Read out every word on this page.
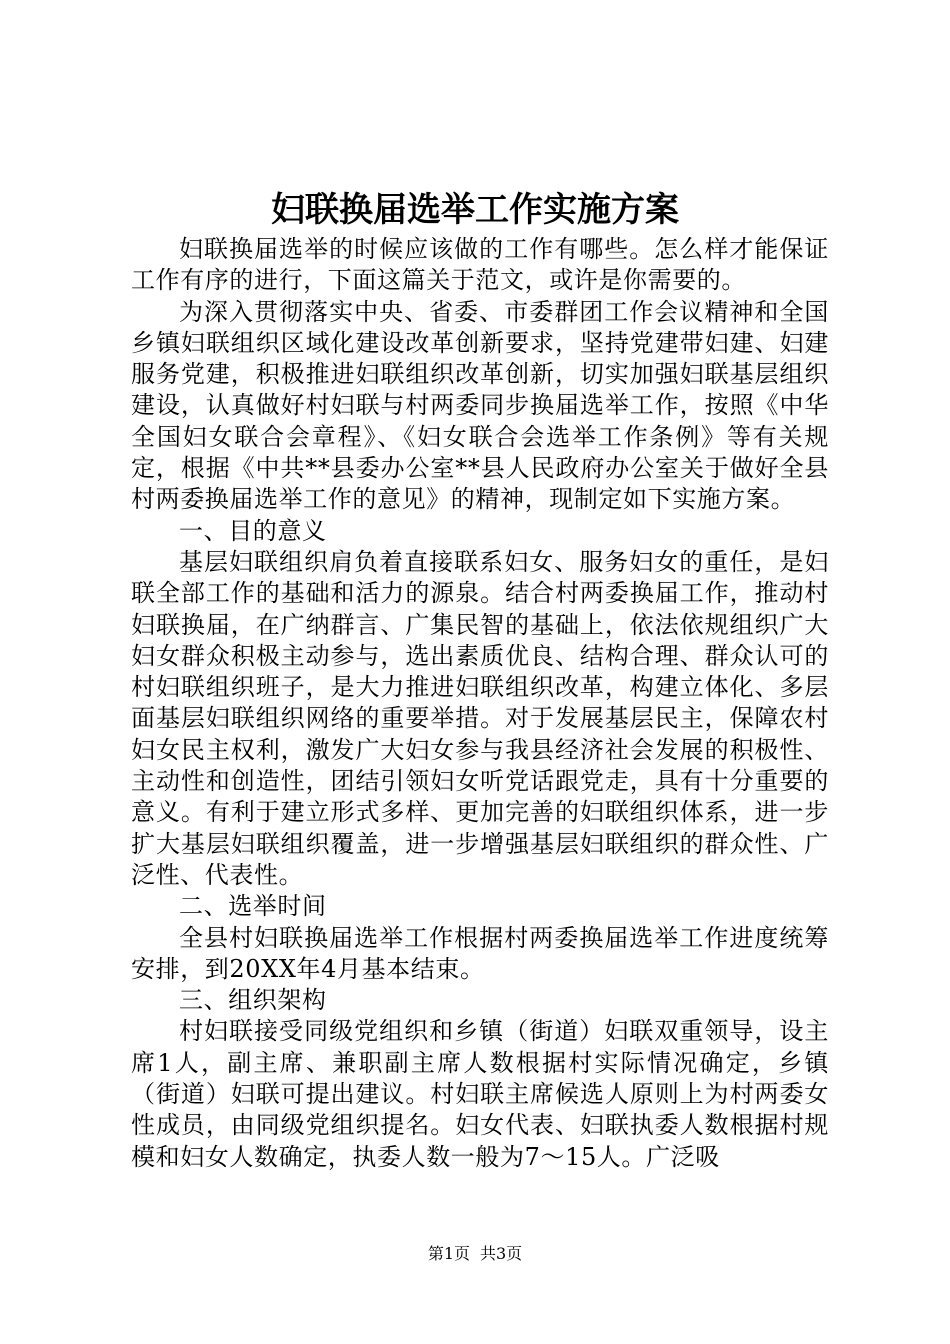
妇联换届选举工作实施方案

妇联换届选举的时候应该做的工作有哪些。怎么样才能保证工作有序的进行，下面这篇关于范文，或许是你需要的。

为深入贯彻落实中央、省委、市委群团工作会议精神和全国乡镇妇联组织区域化建设改革创新要求，坚持党建带妇建、妇建服务党建，积极推进妇联组织改革创新，切实加强妇联基层组织建设，认真做好村妇联与村两委同步换届选举工作，按照《中华全国妇女联合会章程》、《妇女联合会选举工作条例》等有关规定，根据《中共**县委办公室**县人民政府办公室关于做好全县村两委换届选举工作的意见》的精神，现制定如下实施方案。

一、目的意义

基层妇联组织肩负着直接联系妇女、服务妇女的重任，是妇联全部工作的基础和活力的源泉。结合村两委换届工作，推动村妇联换届，在广纳群言、广集民智的基础上，依法依规组织广大妇女群众积极主动参与，选出素质优良、结构合理、群众认可的村妇联组织班子，是大力推进妇联组织改革，构建立体化、多层面基层妇联组织网络的重要举措。对于发展基层民主，保障农村妇女民主权利，激发广大妇女参与我县经济社会发展的积极性、主动性和创造性，团结引领妇女听党话跟党走，具有十分重要的意义。有利于建立形式多样、更加完善的妇联组织体系，进一步扩大基层妇联组织覆盖，进一步增强基层妇联组织的群众性、广泛性、代表性。

二、选举时间

全县村妇联换届选举工作根据村两委换届选举工作进度统筹安排，到20XX年4月基本结束。

三、组织架构

村妇联接受同级党组织和乡镇（街道）妇联双重领导，设主席1人，副主席、兼职副主席人数根据村实际情况确定，乡镇（街道）妇联可提出建议。村妇联主席候选人原则上为村两委女性成员，由同级党组织提名。妇女代表、妇联执委人数根据村规模和妇女人数确定，执委人数一般为7～15人。广泛吸

第1页 共3页
